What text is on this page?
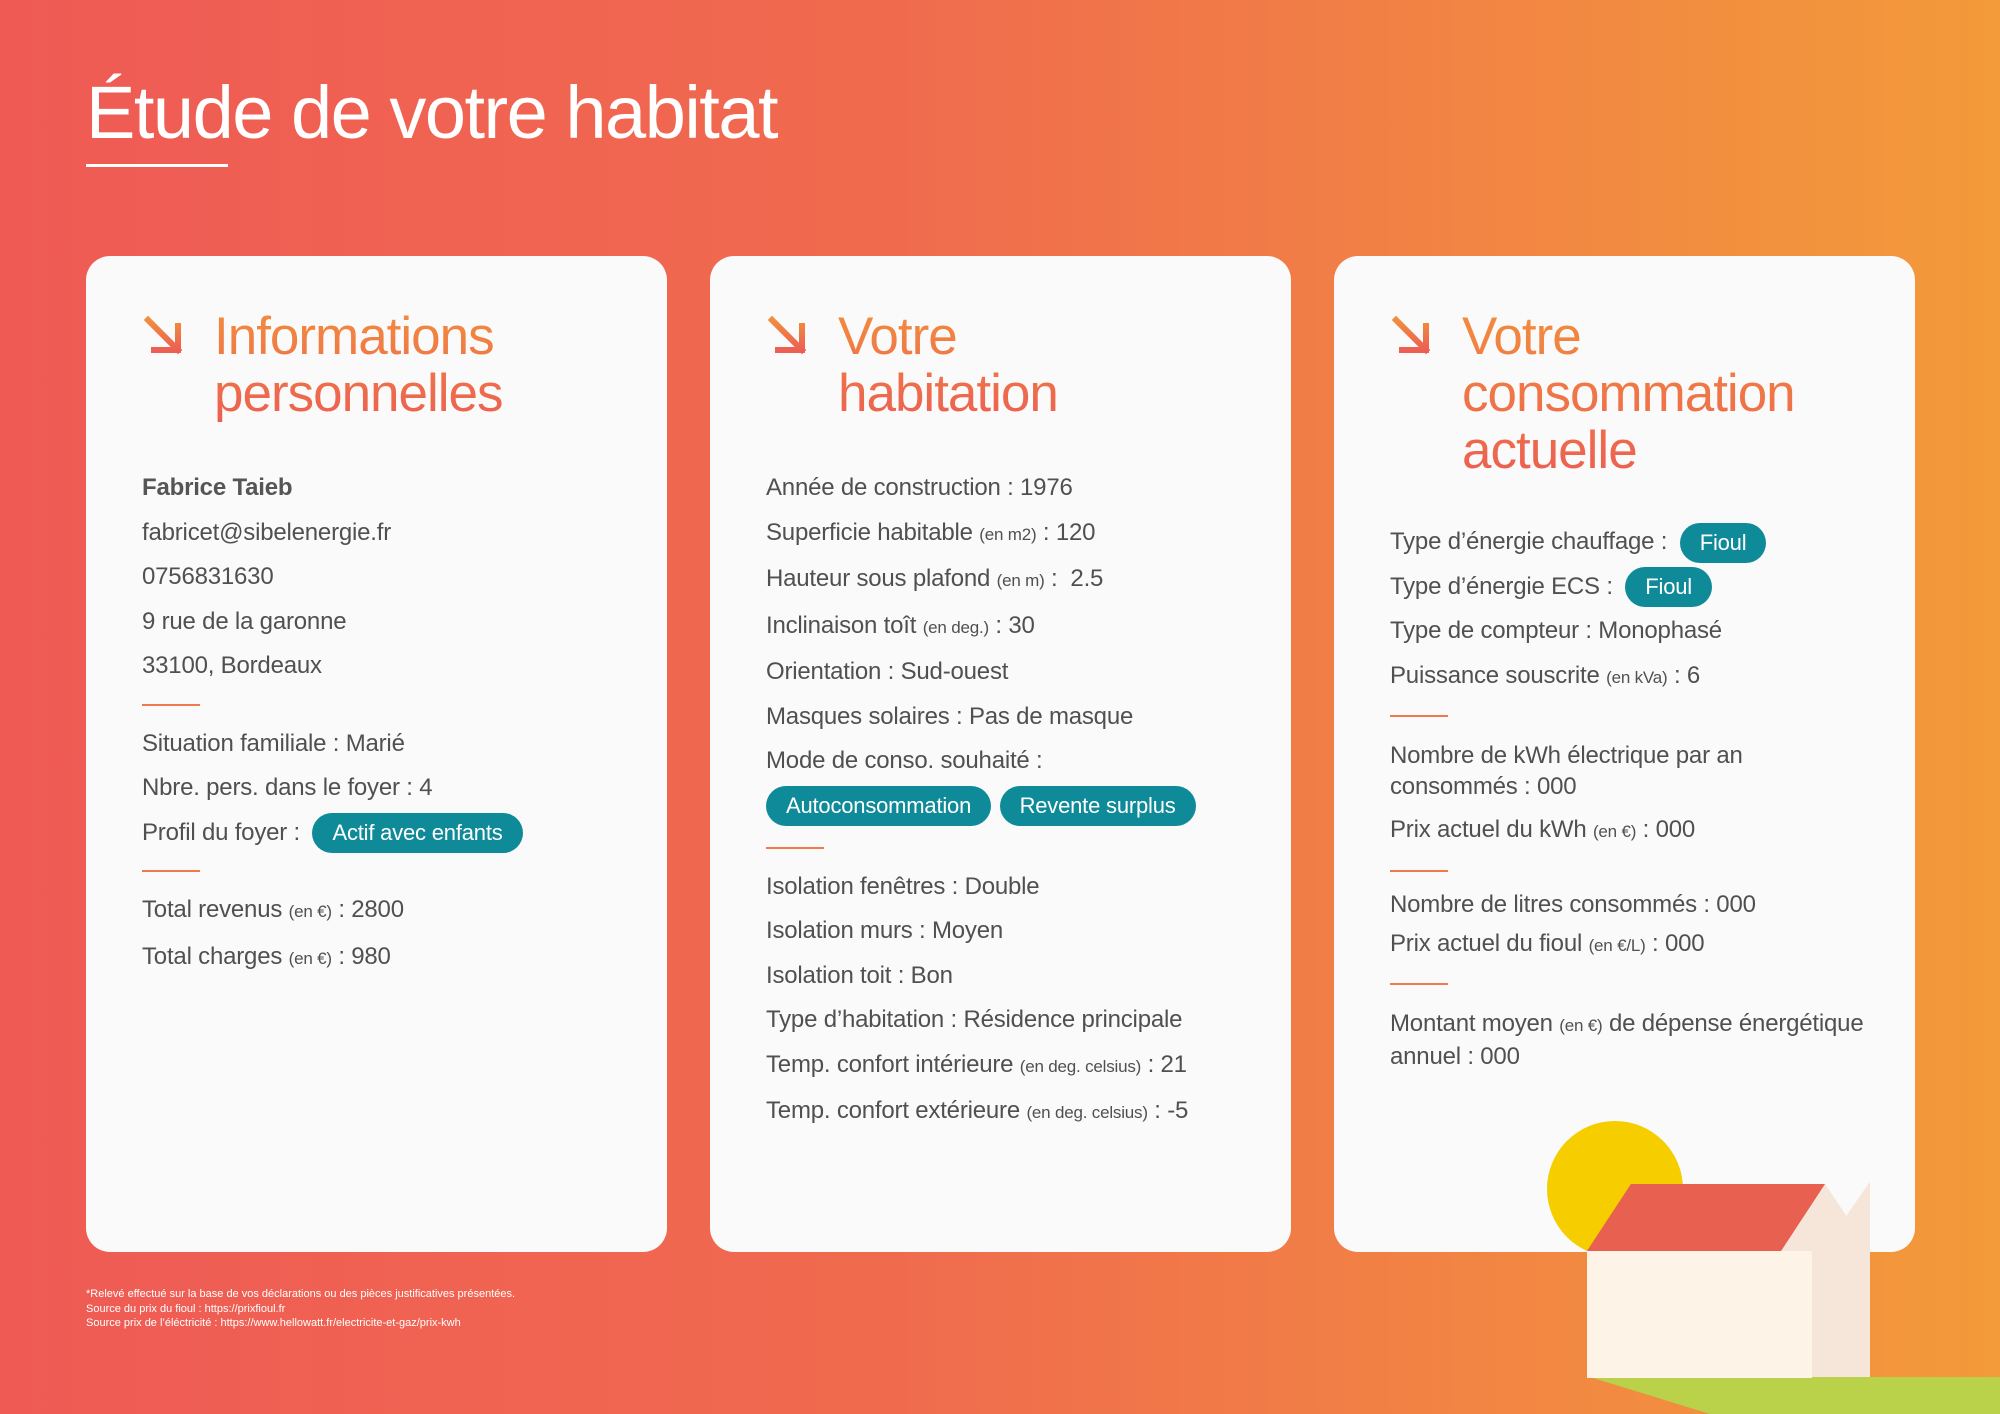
Étude de votre habitat
Informations
personnelles
Fabrice Taieb
fabricet@sibelenergie.fr
0756831630
9 rue de la garonne
33100, Bordeaux
Situation familiale : Marié
Nbre. pers. dans le foyer : 4
Profil du foyer : Actif avec enfants
Total revenus (en €) : 2800
Total charges (en €) : 980
Votre
habitation
Année de construction : 1976
Superficie habitable (en m2) : 120
Hauteur sous plafond (en m) :  2.5
Inclinaison toît (en deg.) : 30
Orientation : Sud-ouest
Masques solaires : Pas de masque
Mode de conso. souhaité :
Autoconsommation Revente surplus
Isolation fenêtres : Double
Isolation murs : Moyen
Isolation toit : Bon
Type d’habitation : Résidence principale
Temp. confort intérieure (en deg. celsius) : 21
Temp. confort extérieure (en deg. celsius) : -5
Votre
consommation
actuelle
Type d’énergie chauffage : Fioul
Type d’énergie ECS : Fioul
Type de compteur : Monophasé
Puissance souscrite (en kVa) : 6
Nombre de kWh électrique par an consommés : 000
Prix actuel du kWh (en €) : 000
Nombre de litres consommés : 000
Prix actuel du fioul (en €/L) : 000
Montant moyen (en €) de dépense énergétique annuel : 000
*Relevé effectué sur la base de vos déclarations ou des pièces justificatives présentées.
Source du prix du fioul : https://prixfioul.fr
Source prix de l’éléctricité : https://www.hellowatt.fr/electricite-et-gaz/prix-kwh
